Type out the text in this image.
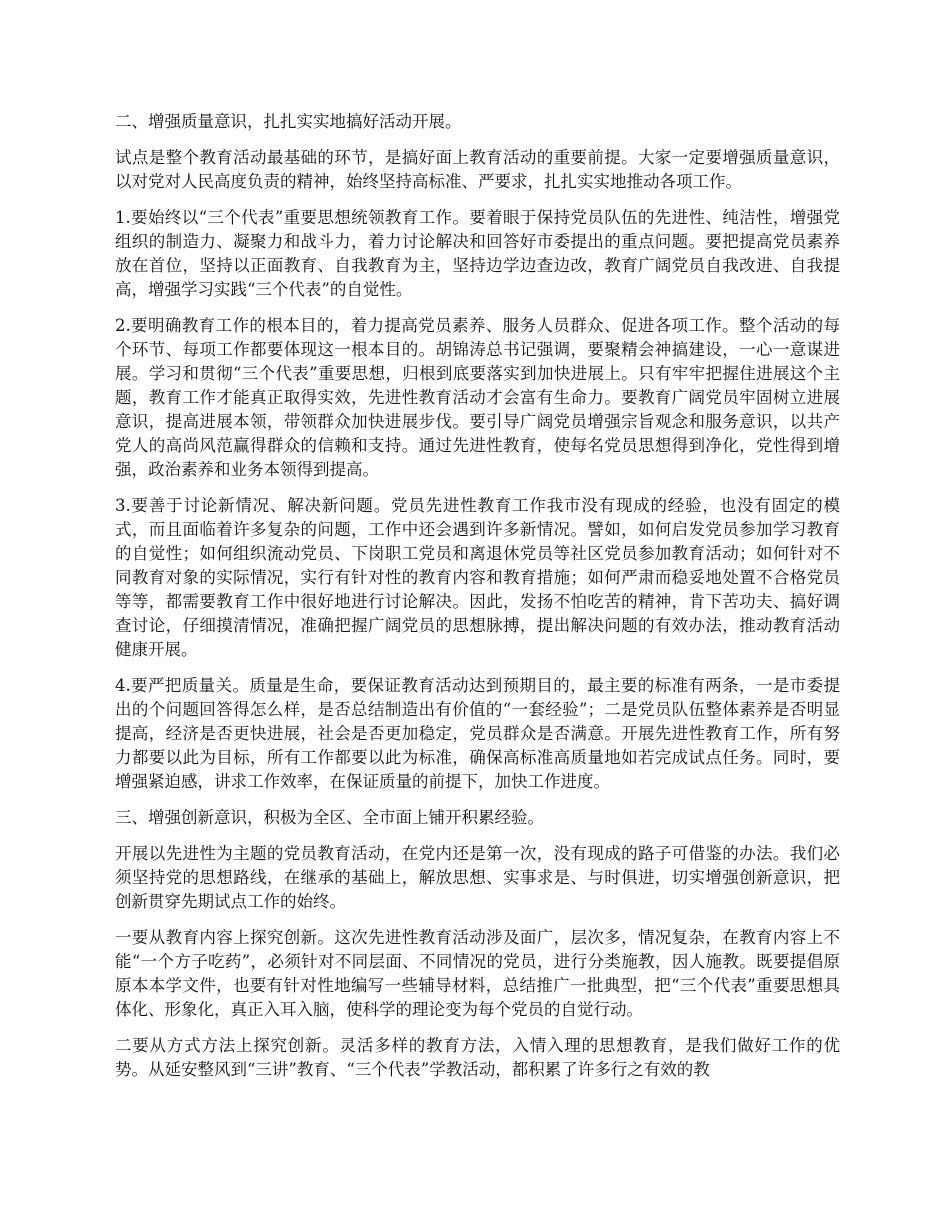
二、增强质量意识，扎扎实实地搞好活动开展。

试点是整个教育活动最基础的环节，是搞好面上教育活动的重要前提。大家一定要增强质量意识，以对党对人民高度负责的精神，始终坚持高标准、严要求，扎扎实实地推动各项工作。

1.要始终以“三个代表”重要思想统领教育工作。要着眼于保持党员队伍的先进性、纯洁性，增强党组织的制造力、凝聚力和战斗力，着力讨论解决和回答好市委提出的重点问题。要把提高党员素养放在首位，坚持以正面教育、自我教育为主，坚持边学边查边改，教育广阔党员自我改进、自我提高，增强学习实践“三个代表”的自觉性。

2.要明确教育工作的根本目的，着力提高党员素养、服务人员群众、促进各项工作。整个活动的每个环节、每项工作都要体现这一根本目的。胡锦涛总书记强调，要聚精会神搞建设，一心一意谋进展。学习和贯彻“三个代表”重要思想，归根到底要落实到加快进展上。只有牢牢把握住进展这个主题，教育工作才能真正取得实效，先进性教育活动才会富有生命力。要教育广阔党员牢固树立进展意识，提高进展本领，带领群众加快进展步伐。要引导广阔党员增强宗旨观念和服务意识，以共产党人的高尚风范赢得群众的信赖和支持。通过先进性教育，使每名党员思想得到净化，党性得到增强，政治素养和业务本领得到提高。

3.要善于讨论新情况、解决新问题。党员先进性教育工作我市没有现成的经验，也没有固定的模式，而且面临着许多复杂的问题，工作中还会遇到许多新情况。譬如，如何启发党员参加学习教育的自觉性；如何组织流动党员、下岗职工党员和离退休党员等社区党员参加教育活动；如何针对不同教育对象的实际情况，实行有针对性的教育内容和教育措施；如何严肃而稳妥地处置不合格党员等等，都需要教育工作中很好地进行讨论解决。因此，发扬不怕吃苦的精神，肯下苦功夫、搞好调查讨论，仔细摸清情况，准确把握广阔党员的思想脉搏，提出解决问题的有效办法，推动教育活动健康开展。

4.要严把质量关。质量是生命，要保证教育活动达到预期目的，最主要的标准有两条，一是市委提出的个问题回答得怎么样，是否总结制造出有价值的“一套经验”；二是党员队伍整体素养是否明显提高，经济是否更快进展，社会是否更加稳定，党员群众是否满意。开展先进性教育工作，所有努力都要以此为目标，所有工作都要以此为标准，确保高标准高质量地如若完成试点任务。同时，要增强紧迫感，讲求工作效率，在保证质量的前提下，加快工作进度。

三、增强创新意识，积极为全区、全市面上铺开积累经验。

开展以先进性为主题的党员教育活动，在党内还是第一次，没有现成的路子可借鉴的办法。我们必须坚持党的思想路线，在继承的基础上，解放思想、实事求是、与时俱进，切实增强创新意识，把创新贯穿先期试点工作的始终。

一要从教育内容上探究创新。这次先进性教育活动涉及面广，层次多，情况复杂，在教育内容上不能“一个方子吃药”，必须针对不同层面、不同情况的党员，进行分类施教，因人施教。既要提倡原原本本学文件，也要有针对性地编写一些辅导材料，总结推广一批典型，把“三个代表”重要思想具体化、形象化，真正入耳入脑，使科学的理论变为每个党员的自觉行动。

二要从方式方法上探究创新。灵活多样的教育方法，入情入理的思想教育，是我们做好工作的优势。从延安整风到“三讲”教育、“三个代表”学教活动，都积累了许多行之有效的教
